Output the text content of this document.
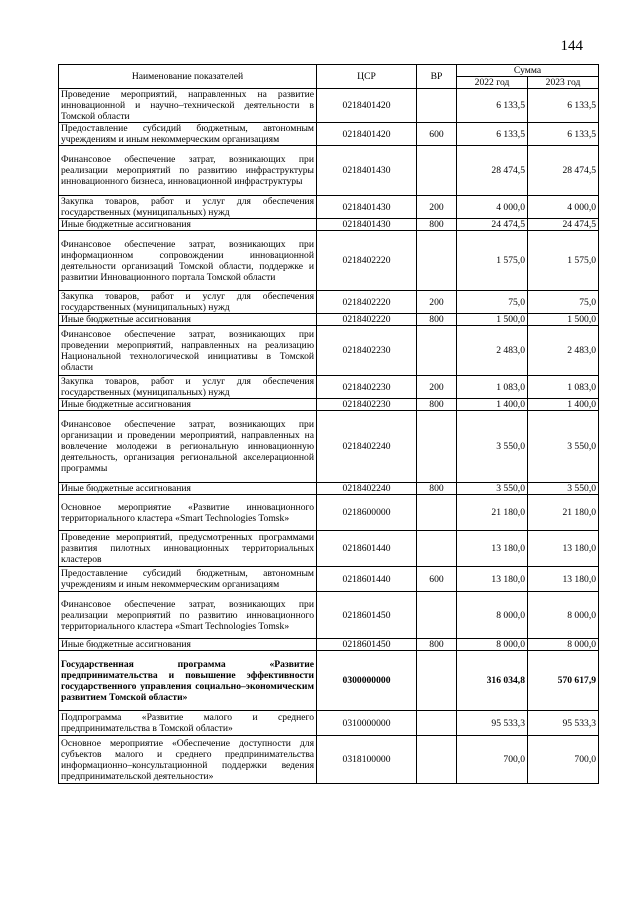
144
Наименование показателей	ЦСР	ВР	Сумма	
			2022 год	2023 год
Проведение мероприятий, направленных на развитие инновационной и научно–технической деятельности в Томской области	0218401420		6 133,5	6 133,5
Предоставление субсидий бюджетным, автономным учреждениям и иным некоммерческим организациям	0218401420	600	6 133,5	6 133,5
Финансовое обеспечение затрат, возникающих при реализации мероприятий по развитию инфраструктуры инновационного бизнеса, инновационной инфраструктуры	0218401430		28 474,5	28 474,5
Закупка товаров, работ и услуг для обеспечения государственных (муниципальных) нужд	0218401430	200	4 000,0	4 000,0
Иные бюджетные ассигнования	0218401430	800	24 474,5	24 474,5
Финансовое обеспечение затрат, возникающих при информационном сопровождении инновационной деятельности организаций Томской области, поддержке и развитии Инновационного портала Томской области	0218402220		1 575,0	1 575,0
Закупка товаров, работ и услуг для обеспечения государственных (муниципальных) нужд	0218402220	200	75,0	75,0
Иные бюджетные ассигнования	0218402220	800	1 500,0	1 500,0
Финансовое обеспечение затрат, возникающих при проведении мероприятий, направленных на реализацию Национальной технологической инициативы в Томской области	0218402230		2 483,0	2 483,0
Закупка товаров, работ и услуг для обеспечения государственных (муниципальных) нужд	0218402230	200	1 083,0	1 083,0
Иные бюджетные ассигнования	0218402230	800	1 400,0	1 400,0
Финансовое обеспечение затрат, возникающих при организации и проведении мероприятий, направленных на вовлечение молодежи в региональную инновационную деятельность, организация региональной акселерационной программы	0218402240		3 550,0	3 550,0
Иные бюджетные ассигнования	0218402240	800	3 550,0	3 550,0
Основное мероприятие «Развитие инновационного территориального кластера «Smart Technologies Tomsk»	0218600000		21 180,0	21 180,0
Проведение мероприятий, предусмотренных программами развития пилотных инновационных территориальных кластеров	0218601440		13 180,0	13 180,0
Предоставление субсидий бюджетным, автономным учреждениям и иным некоммерческим организациям	0218601440	600	13 180,0	13 180,0
Финансовое обеспечение затрат, возникающих при реализации мероприятий по развитию инновационного территориального кластера «Smart Technologies Tomsk»	0218601450		8 000,0	8 000,0
Иные бюджетные ассигнования	0218601450	800	8 000,0	8 000,0
Государственная программа «Развитие предпринимательства и повышение эффективности государственного управления социально–экономическим развитием Томской области»	0300000000		316 034,8	570 617,9
Подпрограмма «Развитие малого и среднего предпринимательства в Томской области»	0310000000		95 533,3	95 533,3
Основное мероприятие «Обеспечение доступности для субъектов малого и среднего предпринимательства информационно–консультационной поддержки ведения предпринимательской деятельности»	0318100000		700,0	700,0
